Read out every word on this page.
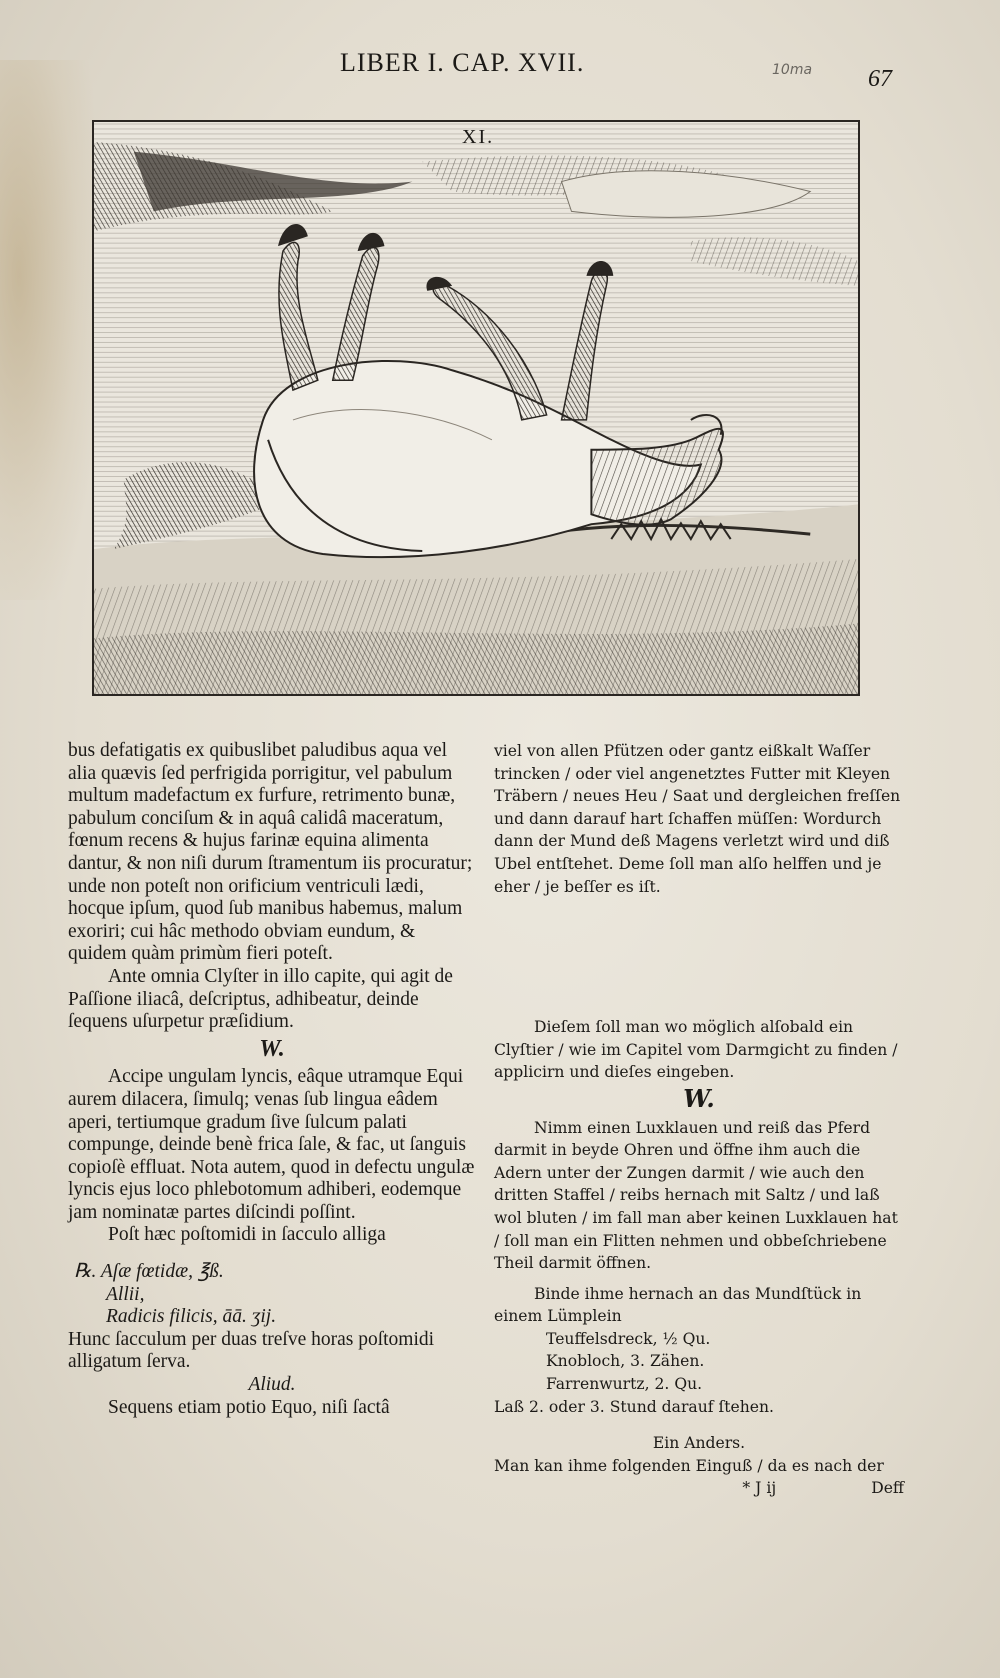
LIBER I. CAP. XVII.	10ma 67
XI.

bus defatigatis ex quibuslibet paludibus aqua vel alia quævis ſed perfrigida porrigitur, vel pabulum multum madefactum ex furfure, retrimento bunæ, pabulum conciſum & in aquâ calidâ maceratum, fœnum recens & hujus farinæ equina alimenta dantur, & non niſi durum ſtramentum iis procuratur; unde non poteſt non orificium ventriculi lædi, hocque ipſum, quod ſub manibus habemus, malum exoriri; cui hâc methodo obviam eundum, & quidem quàm primùm fieri poteſt.

Ante omnia Clyſter in illo capite, qui agit de Paſſione iliacâ, deſcriptus, adhibeatur, deinde ſequens uſurpetur præſidium.

W.

Accipe ungulam lyncis, eâque utramque Equi aurem dilacera, ſimulq; venas ſub lingua eâdem aperi, tertiumque gradum ſive ſulcum palati compunge, deinde benè frica ſale, & fac, ut ſanguis copioſè effluat. Nota autem, quod in defectu ungulæ lyncis ejus loco phlebotomum adhiberi, eodemque jam nominatæ partes diſcindi poſſint.

Poſt hæc poſtomidi in ſacculo alliga

℞. Aſæ fœtidæ, ℥ß.
Allii,
Radicis filicis, āā. ʒij.

Hunc ſacculum per duas treſve horas poſtomidi alligatum ſerva.

Aliud.

Sequens etiam potio Equo, niſi ſactâ

viel von allen Pfützen oder gantz eißkalt Waſſer trincken / oder viel angenetztes Futter mit Kleyen Träbern / neues Heu / Saat und dergleichen freſſen und dann darauf hart ſchaffen müſſen: Wordurch dann der Mund deß Magens verletzt wird und diß Ubel entſtehet. Deme ſoll man alſo helffen und je eher / je beſſer es iſt.

Dieſem ſoll man wo möglich alſobald ein Clyſtier / wie im Capitel vom Darmgicht zu finden / applicirn und dieſes eingeben.

W.

Nimm einen Luxklauen und reiß das Pferd darmit in beyde Ohren und öffne ihm auch die Adern unter der Zungen darmit / wie auch den dritten Staffel / reibs hernach mit Saltz / und laß wol bluten / im fall man aber keinen Luxklauen hat / ſoll man ein Flitten nehmen und obbeſchriebene Theil darmit öffnen.

Binde ihme hernach an das Mundſtück in einem Lümplein

Teuffelsdreck, ½ Qu.
Knobloch, 3. Zähen.
Farrenwurtz, 2. Qu.

Laß 2. oder 3. Stund darauf ſtehen.

Ein Anders.

Man kan ihme folgenden Einguß / da es nach der

* J ij	Deff
